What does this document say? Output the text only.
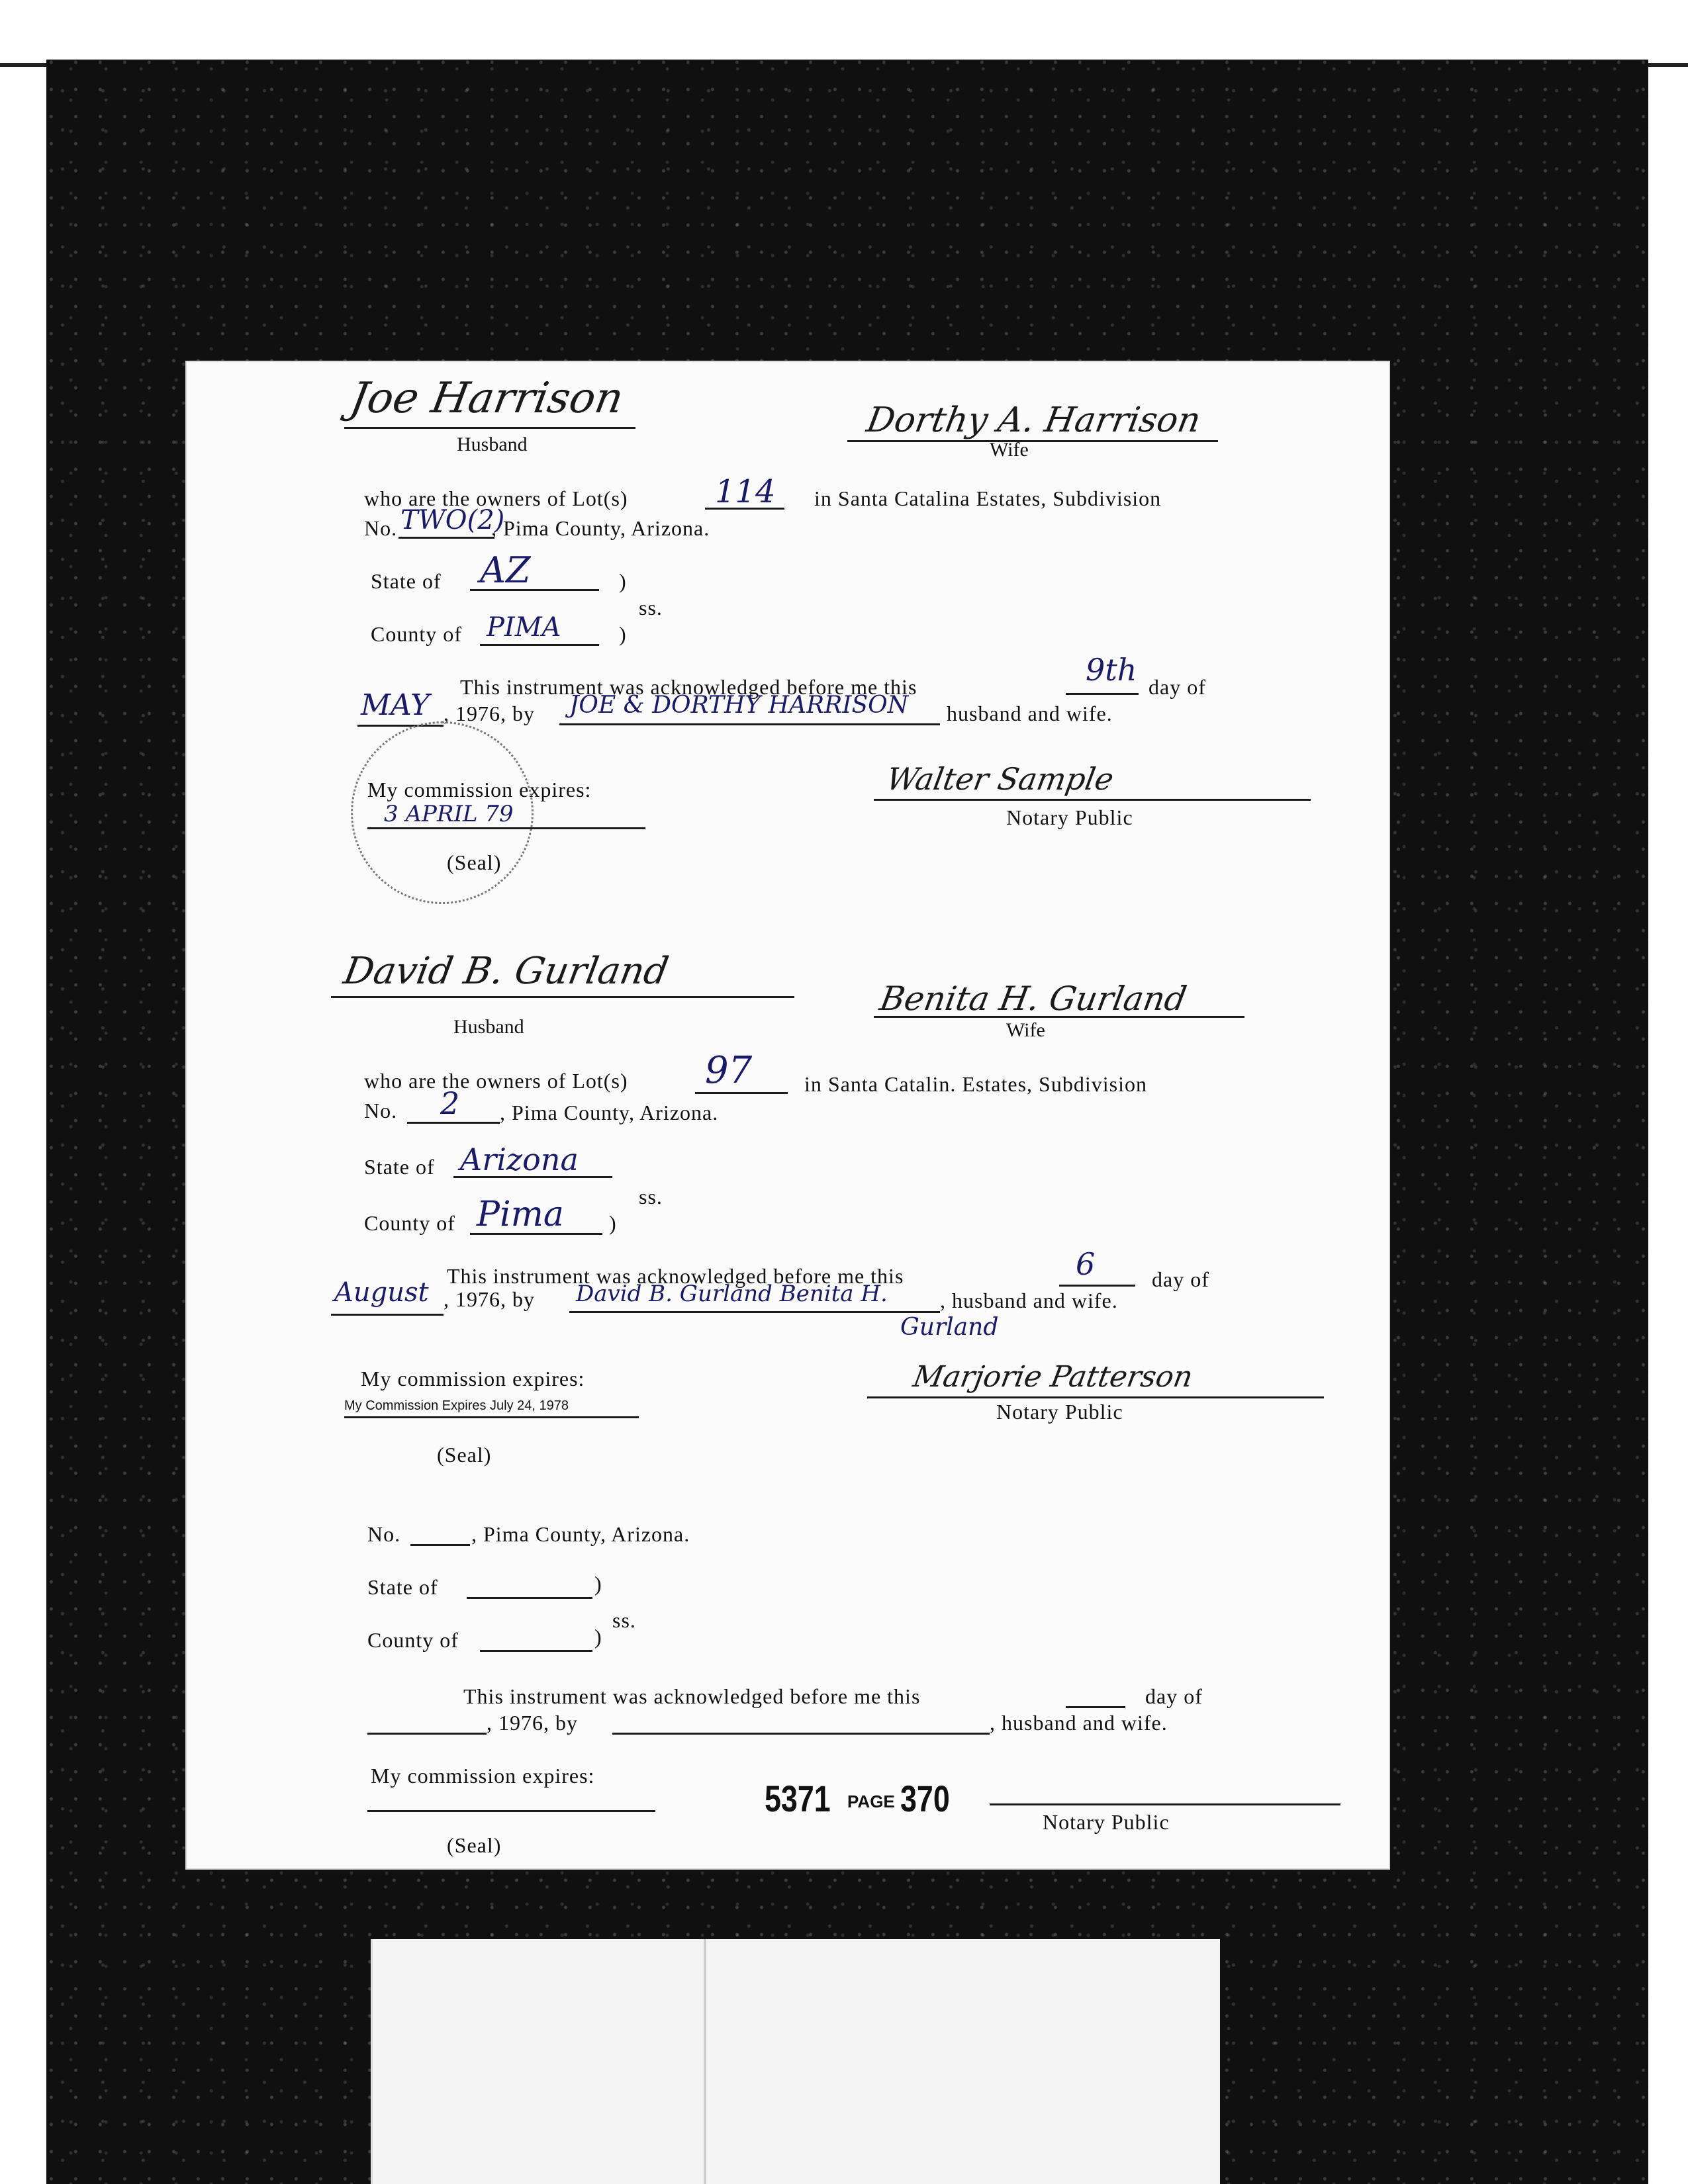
Joe Harrison
Husband
Dorthy A. Harrison
Wife
who are the owners of Lot(s)	114 in Santa Catalina Estates, Subdivision
No. TWO(2)
, Pima County, Arizona.
State of AZ	)
ss.
County of PIMA	)
This instrument was acknowledged before me this	9th day of
MAY , 1976, by JOE & DORTHY HARRISON husband and wife.
My commission expires:
3 APRIL 79
(Seal)
Walter Sample
Notary Public
David B. Gurland
Husband
Benita H. Gurland
Wife
who are the owners of Lot(s) 97 in Santa Catalin. Estates, Subdivision
No. 2 , Pima County, Arizona.
State of Arizona
ss.
County of Pima )
This instrument was acknowledged before me this	6	day of
August , 1976, by David B. Gurland Benita H.
Gurland
, husband and wife.
My commission expires:
My Commission Expires July 24, 1978
(Seal)
Marjorie Patterson
Notary Public
No.	, Pima County, Arizona.
State of	)
ss.
County of	)
This instrument was acknowledged before me this	day of
, 1976, by	, husband and wife.
My commission expires:
(Seal)
5371 PAGE 370
Notary Public
